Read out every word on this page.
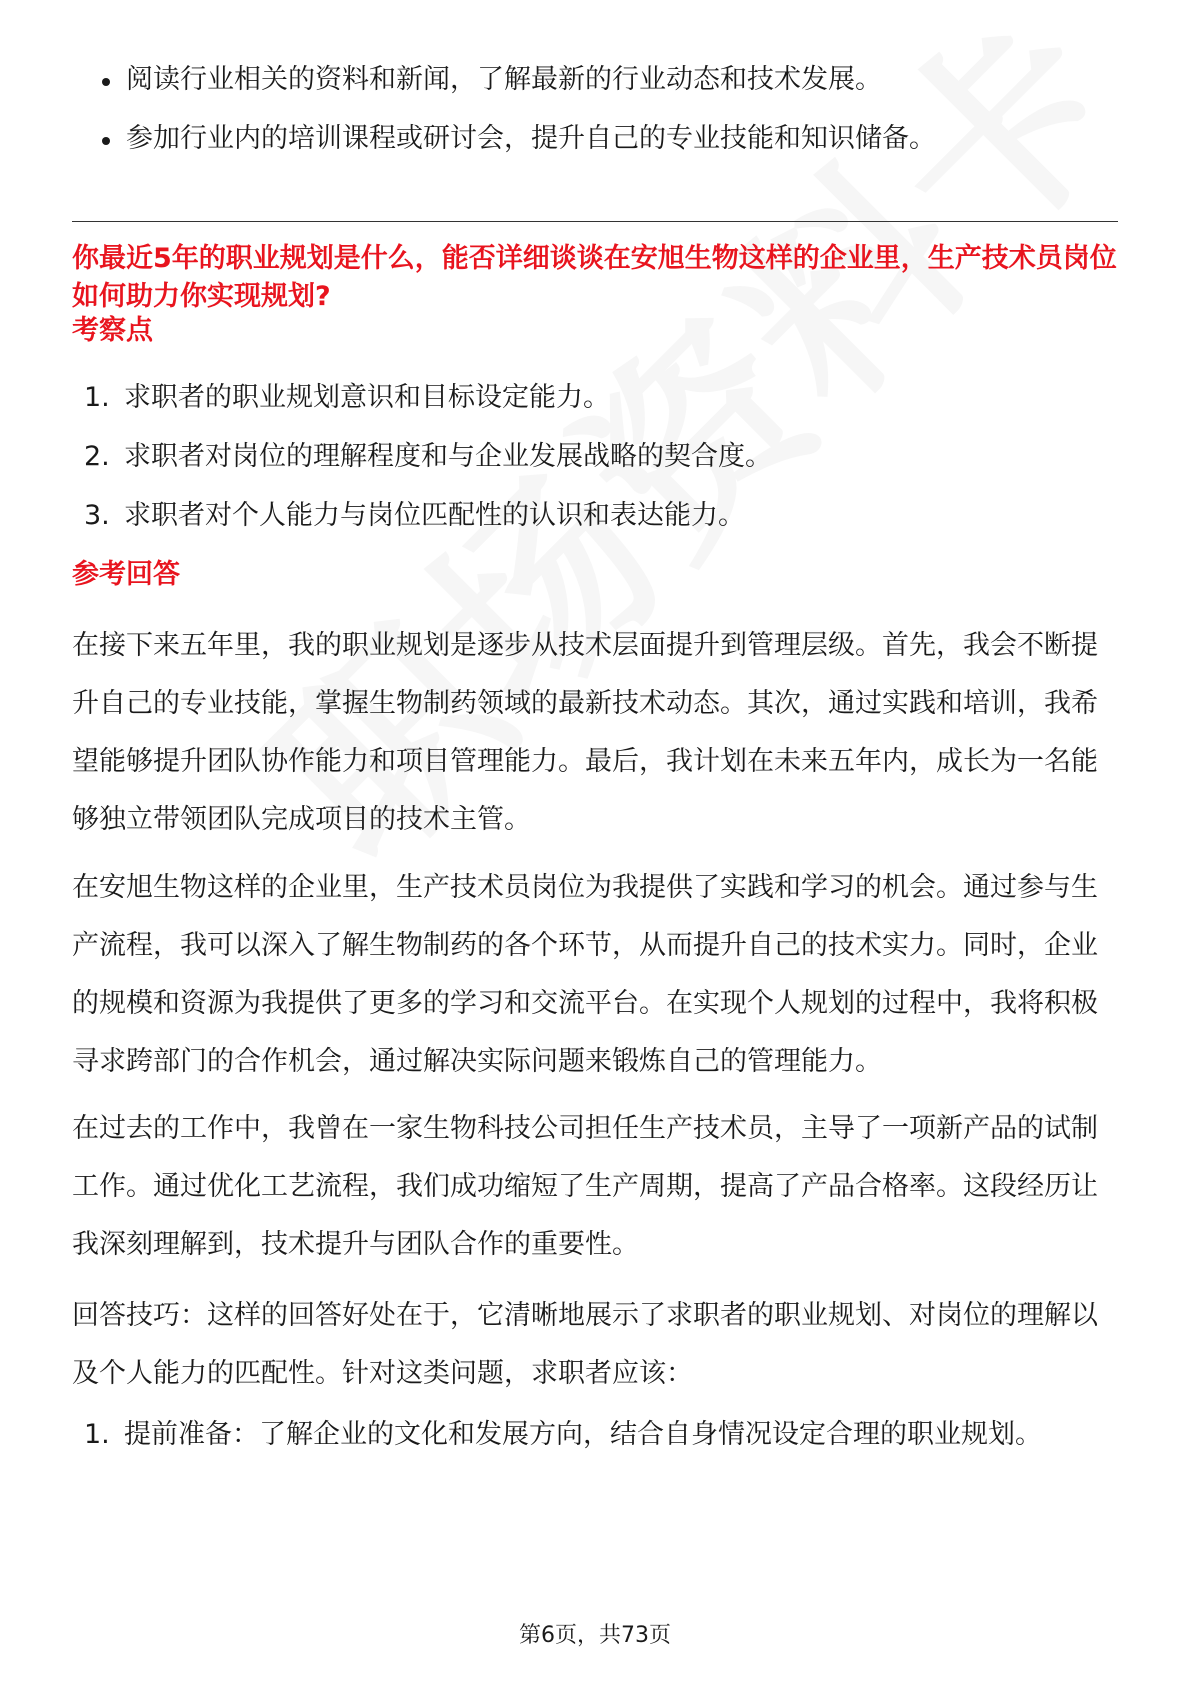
阅读行业相关的资料和新闻，了解最新的行业动态和技术发展。
参加行业内的培训课程或研讨会，提升自己的专业技能和知识储备。

你最近5年的职业规划是什么，能否详细谈谈在安旭生物这样的企业里，生产技术员岗位如何助力你实现规划?

考察点

1. 求职者的职业规划意识和目标设定能力。
2. 求职者对岗位的理解程度和与企业发展战略的契合度。
3. 求职者对个人能力与岗位匹配性的认识和表达能力。

参考回答

在接下来五年里，我的职业规划是逐步从技术层面提升到管理层级。首先，我会不断提升自己的专业技能，掌握生物制药领域的最新技术动态。其次，通过实践和培训，我希望能够提升团队协作能力和项目管理能力。最后，我计划在未来五年内，成长为一名能够独立带领团队完成项目的技术主管。

在安旭生物这样的企业里，生产技术员岗位为我提供了实践和学习的机会。通过参与生产流程，我可以深入了解生物制药的各个环节，从而提升自己的技术实力。同时，企业的规模和资源为我提供了更多的学习和交流平台。在实现个人规划的过程中，我将积极寻求跨部门的合作机会，通过解决实际问题来锻炼自己的管理能力。

在过去的工作中，我曾在一家生物科技公司担任生产技术员，主导了一项新产品的试制工作。通过优化工艺流程，我们成功缩短了生产周期，提高了产品合格率。这段经历让我深刻理解到，技术提升与团队合作的重要性。

回答技巧：这样的回答好处在于，它清晰地展示了求职者的职业规划、对岗位的理解以及个人能力的匹配性。针对这类问题，求职者应该：

1. 提前准备：了解企业的文化和发展方向，结合自身情况设定合理的职业规划。
第6页，共73页
